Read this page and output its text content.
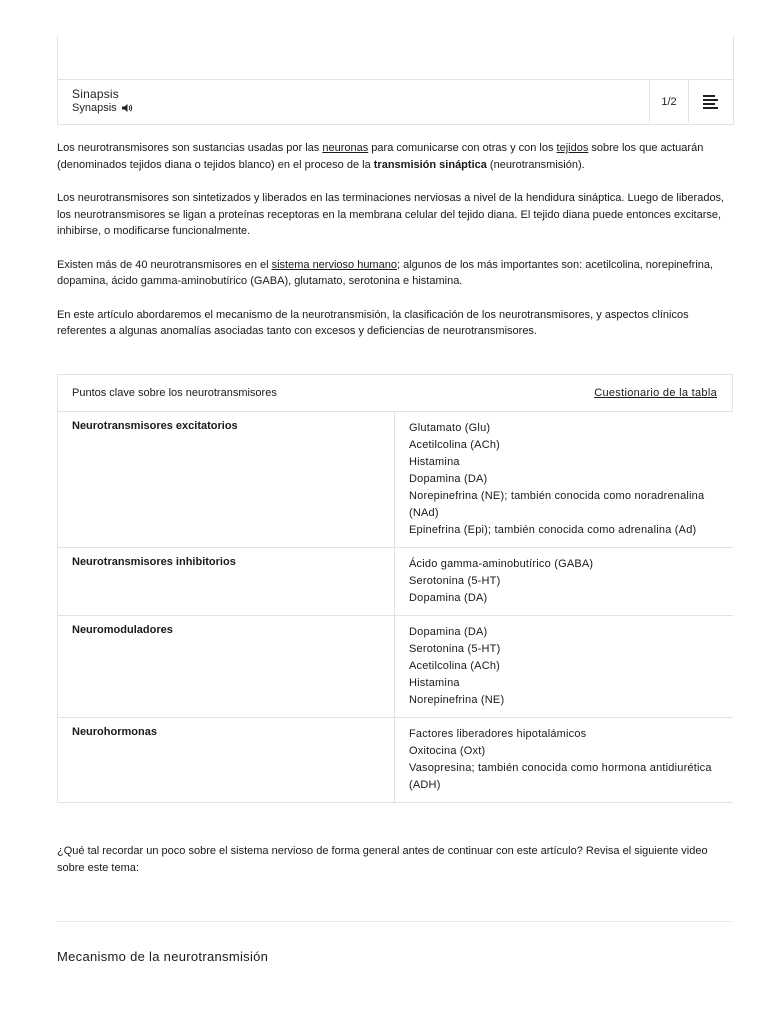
Sinapsis
Synapsis
1/2

Los neurotransmisores son sustancias usadas por las neuronas para comunicarse con otras y con los tejidos sobre los que actuarán (denominados tejidos diana o tejidos blanco) en el proceso de la transmisión sináptica (neurotransmisión).

Los neurotransmisores son sintetizados y liberados en las terminaciones nerviosas a nivel de la hendidura sináptica. Luego de liberados, los neurotransmisores se ligan a proteínas receptoras en la membrana celular del tejido diana. El tejido diana puede entonces excitarse, inhibirse, o modificarse funcionalmente.

Existen más de 40 neurotransmisores en el sistema nervioso humano; algunos de los más importantes son: acetilcolina, norepinefrina, dopamina, ácido gamma-aminobutírico (GABA), glutamato, serotonina e histamina.

En este artículo abordaremos el mecanismo de la neurotransmisión, la clasificación de los neurotransmisores, y aspectos clínicos referentes a algunas anomalías asociadas tanto con excesos y deficiencias de neurotransmisores.

Puntos clave sobre los neurotransmisores	Cuestionario de la tabla
Neurotransmisores excitatorios	Glutamato (Glu)
Acetilcolina (ACh)
Histamina
Dopamina (DA)
Norepinefrina (NE); también conocida como noradrenalina (NAd)
Epinefrina (Epi); también conocida como adrenalina (Ad)
Neurotransmisores inhibitorios	Ácido gamma-aminobutírico (GABA)
Serotonina (5-HT)
Dopamina (DA)
Neuromoduladores	Dopamina (DA)
Serotonina (5-HT)
Acetilcolina (ACh)
Histamina
Norepinefrina (NE)
Neurohormonas	Factores liberadores hipotalámicos
Oxitocina (Oxt)
Vasopresina; también conocida como hormona antidiurética (ADH)
¿Qué tal recordar un poco sobre el sistema nervioso de forma general antes de continuar con este artículo? Revisa el siguiente video sobre este tema:
Mecanismo de la neurotransmisión
